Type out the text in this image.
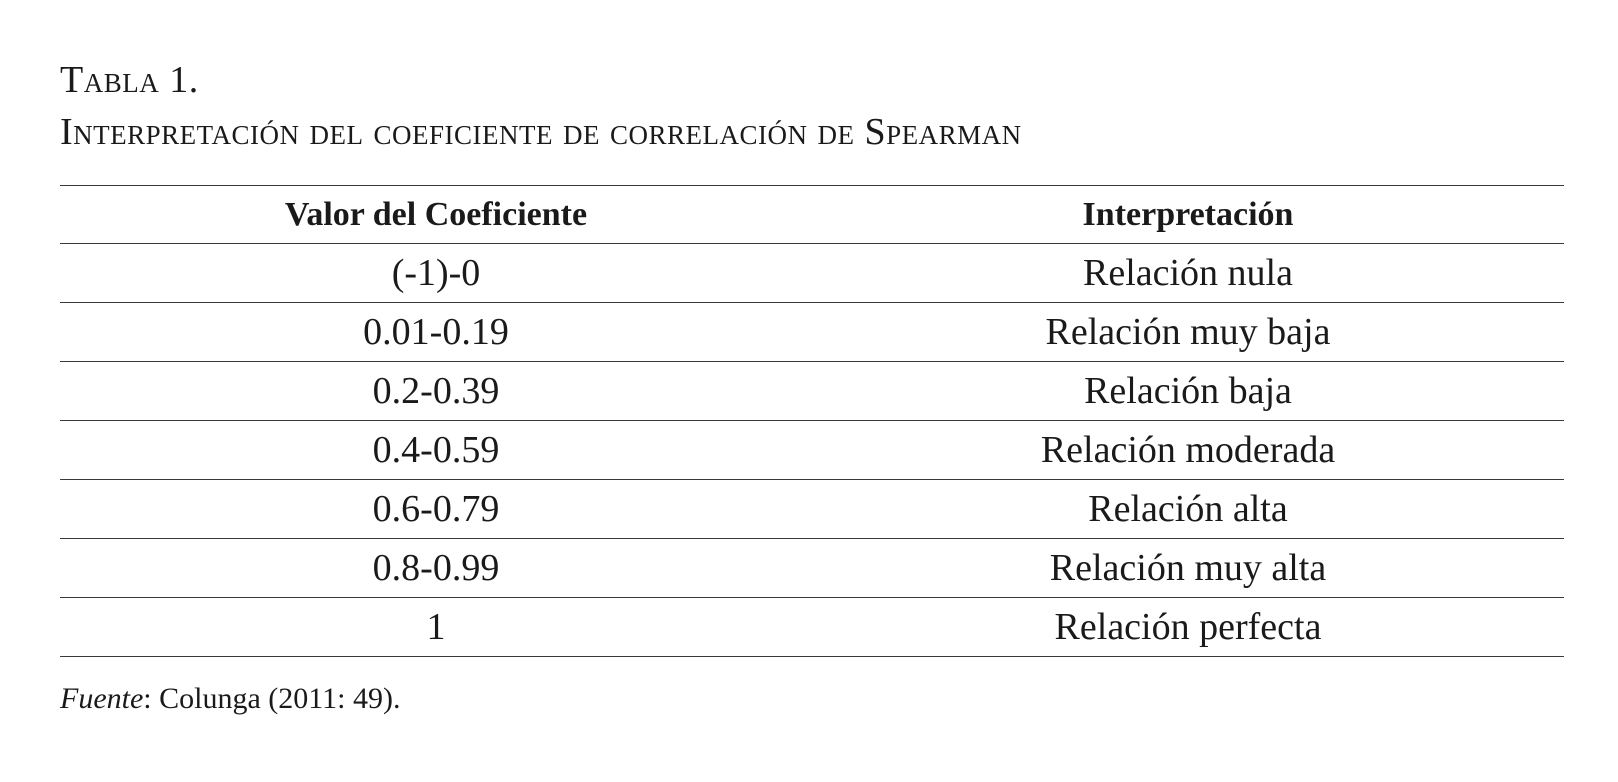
Tabla 1.
Interpretación del coeficiente de correlación de Spearman
Valor del Coeficiente	Interpretación
(-1)-0	Relación nula
0.01-0.19	Relación muy baja
0.2-0.39	Relación baja
0.4-0.59	Relación moderada
0.6-0.79	Relación alta
0.8-0.99	Relación muy alta
1	Relación perfecta
Fuente: Colunga (2011: 49).
